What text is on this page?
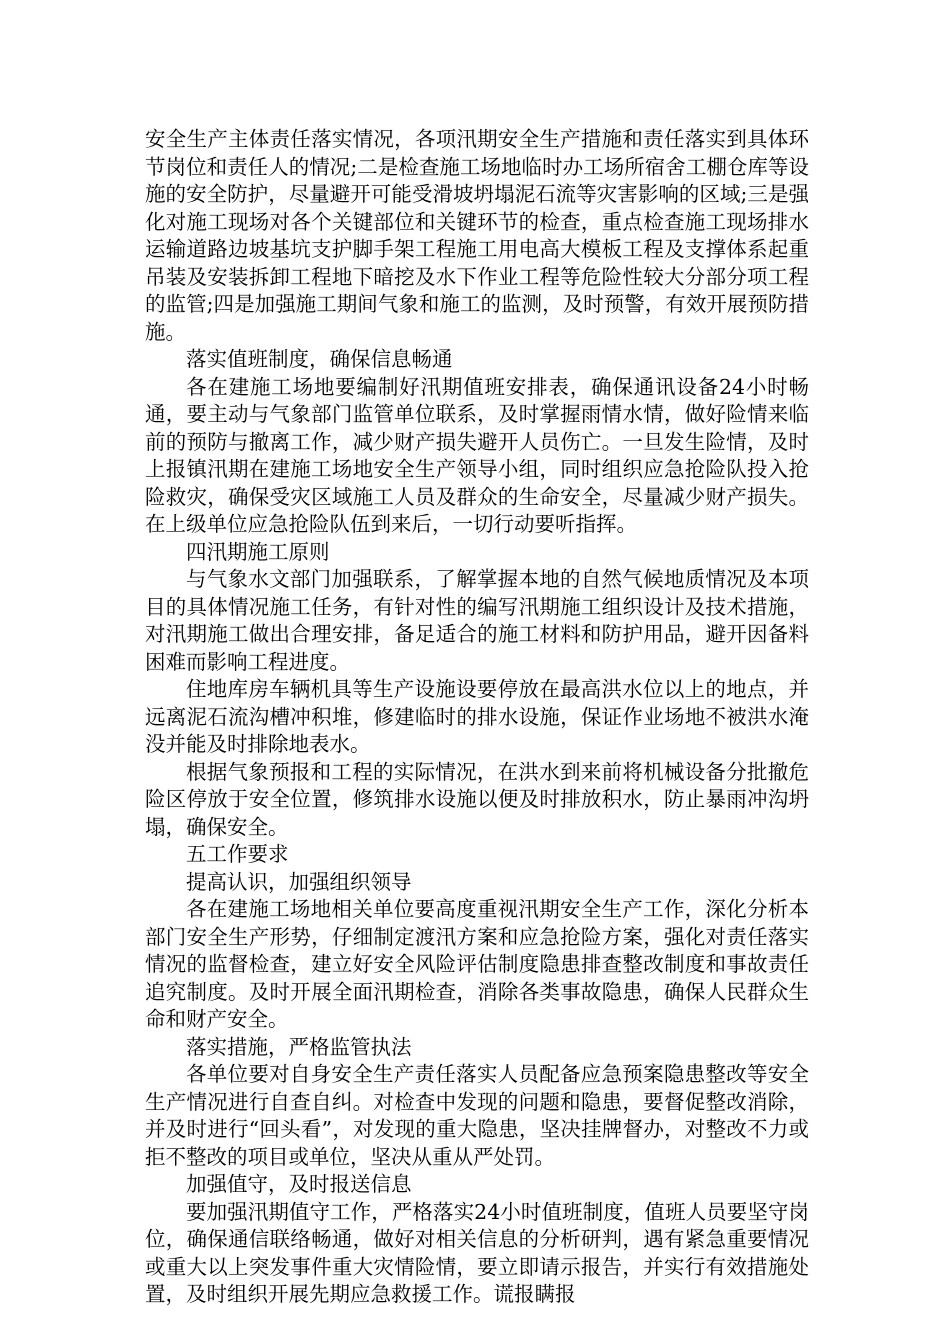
安全生产主体责任落实情况，各项汛期安全生产措施和责任落实到具体环节岗位和责任人的情况;二是检查施工场地临时办工场所宿舍工棚仓库等设施的安全防护，尽量避开可能受滑坡坍塌泥石流等灾害影响的区域;三是强化对施工现场对各个关键部位和关键环节的检查，重点检查施工现场排水运输道路边坡基坑支护脚手架工程施工用电高大模板工程及支撑体系起重吊装及安装拆卸工程地下暗挖及水下作业工程等危险性较大分部分项工程的监管;四是加强施工期间气象和施工的监测，及时预警，有效开展预防措施。

落实值班制度，确保信息畅通

各在建施工场地要编制好汛期值班安排表，确保通讯设备24小时畅通，要主动与气象部门监管单位联系，及时掌握雨情水情，做好险情来临前的预防与撤离工作，减少财产损失避开人员伤亡。一旦发生险情，及时上报镇汛期在建施工场地安全生产领导小组，同时组织应急抢险队投入抢险救灾，确保受灾区域施工人员及群众的生命安全，尽量减少财产损失。在上级单位应急抢险队伍到来后，一切行动要听指挥。

四汛期施工原则

与气象水文部门加强联系，了解掌握本地的自然气候地质情况及本项目的具体情况施工任务，有针对性的编写汛期施工组织设计及技术措施，对汛期施工做出合理安排，备足适合的施工材料和防护用品，避开因备料困难而影响工程进度。

住地库房车辆机具等生产设施设要停放在最高洪水位以上的地点，并远离泥石流沟槽冲积堆，修建临时的排水设施，保证作业场地不被洪水淹没并能及时排除地表水。

根据气象预报和工程的实际情况，在洪水到来前将机械设备分批撤危险区停放于安全位置，修筑排水设施以便及时排放积水，防止暴雨冲沟坍塌，确保安全。

五工作要求

提高认识，加强组织领导

各在建施工场地相关单位要高度重视汛期安全生产工作，深化分析本部门安全生产形势，仔细制定渡汛方案和应急抢险方案，强化对责任落实情况的监督检查，建立好安全风险评估制度隐患排查整改制度和事故责任追究制度。及时开展全面汛期检查，消除各类事故隐患，确保人民群众生命和财产安全。

落实措施，严格监管执法

各单位要对自身安全生产责任落实人员配备应急预案隐患整改等安全生产情况进行自查自纠。对检查中发现的问题和隐患，要督促整改消除，并及时进行“回头看”，对发现的重大隐患，坚决挂牌督办，对整改不力或拒不整改的项目或单位，坚决从重从严处罚。

加强值守，及时报送信息

要加强汛期值守工作，严格落实24小时值班制度，值班人员要坚守岗位，确保通信联络畅通，做好对相关信息的分析研判，遇有紧急重要情况或重大以上突发事件重大灾情险情，要立即请示报告，并实行有效措施处置，及时组织开展先期应急救援工作。谎报瞒报
